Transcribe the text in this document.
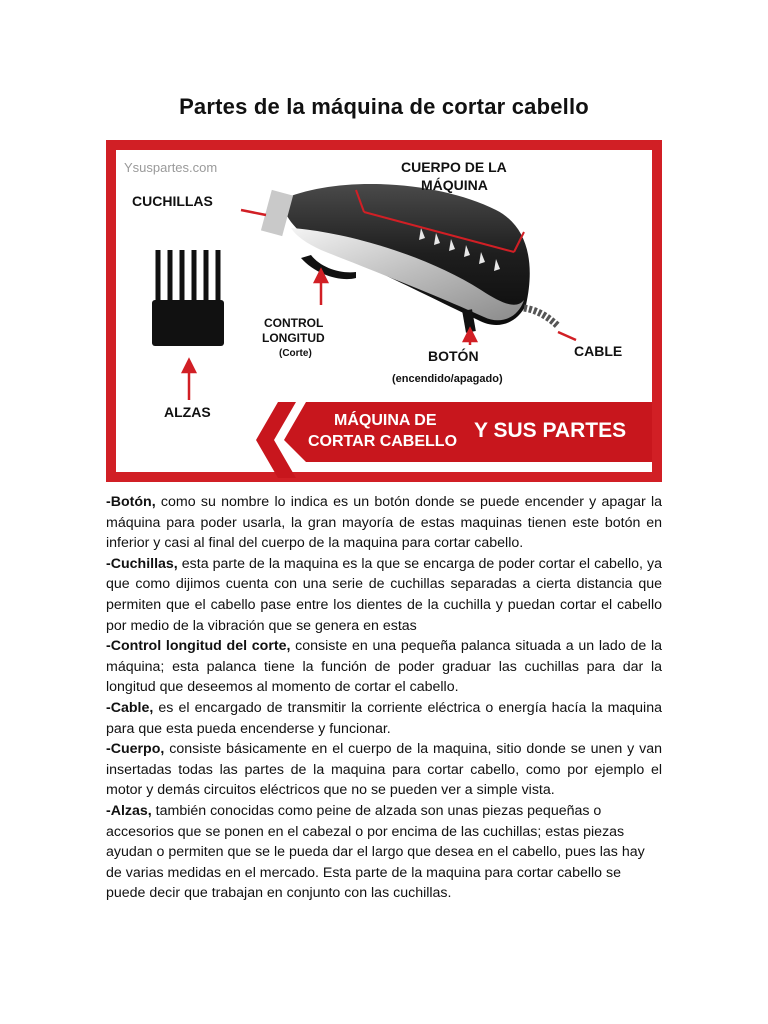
Partes de la máquina de cortar cabello
Ysuspartes.com
CUCHILLAS
CUERPO DE LA
MÁQUINA
CONTROL
LONGITUD
(Corte)	BOTÓN
(encendido/apagado)
CABLE
ALZAS	MÁQUINA DE
CORTAR CABELLO Y SUS PARTES

-Botón, como su nombre lo indica es un botón donde se puede encender y apagar la máquina para poder usarla, la gran mayoría de estas maquinas tienen este botón en inferior y casi al final del cuerpo de la maquina para cortar cabello.

-Cuchillas, esta parte de la maquina es la que se encarga de poder cortar el cabello, ya que como dijimos cuenta con una serie de cuchillas separadas a cierta distancia que permiten que el cabello pase entre los dientes de la cuchilla y puedan cortar el cabello por medio de la vibración que se genera en estas

-Control longitud del corte, consiste en una pequeña palanca situada a un lado de la máquina; esta palanca tiene la función de poder graduar las cuchillas para dar la longitud que deseemos al momento de cortar el cabello.

-Cable, es el encargado de transmitir la corriente eléctrica o energía hacía la maquina para que esta pueda encenderse y funcionar.

-Cuerpo, consiste básicamente en el cuerpo de la maquina, sitio donde se unen y van insertadas todas las partes de la maquina para cortar cabello, como por ejemplo el motor y demás circuitos eléctricos que no se pueden ver a simple vista.

-Alzas, también conocidas como peine de alzada son unas piezas pequeñas o accesorios que se ponen en el cabezal o por encima de las cuchillas; estas piezas ayudan o permiten que se le pueda dar el largo que desea en el cabello, pues las hay de varias medidas en el mercado. Esta parte de la maquina para cortar cabello se puede decir que trabajan en conjunto con las cuchillas.
